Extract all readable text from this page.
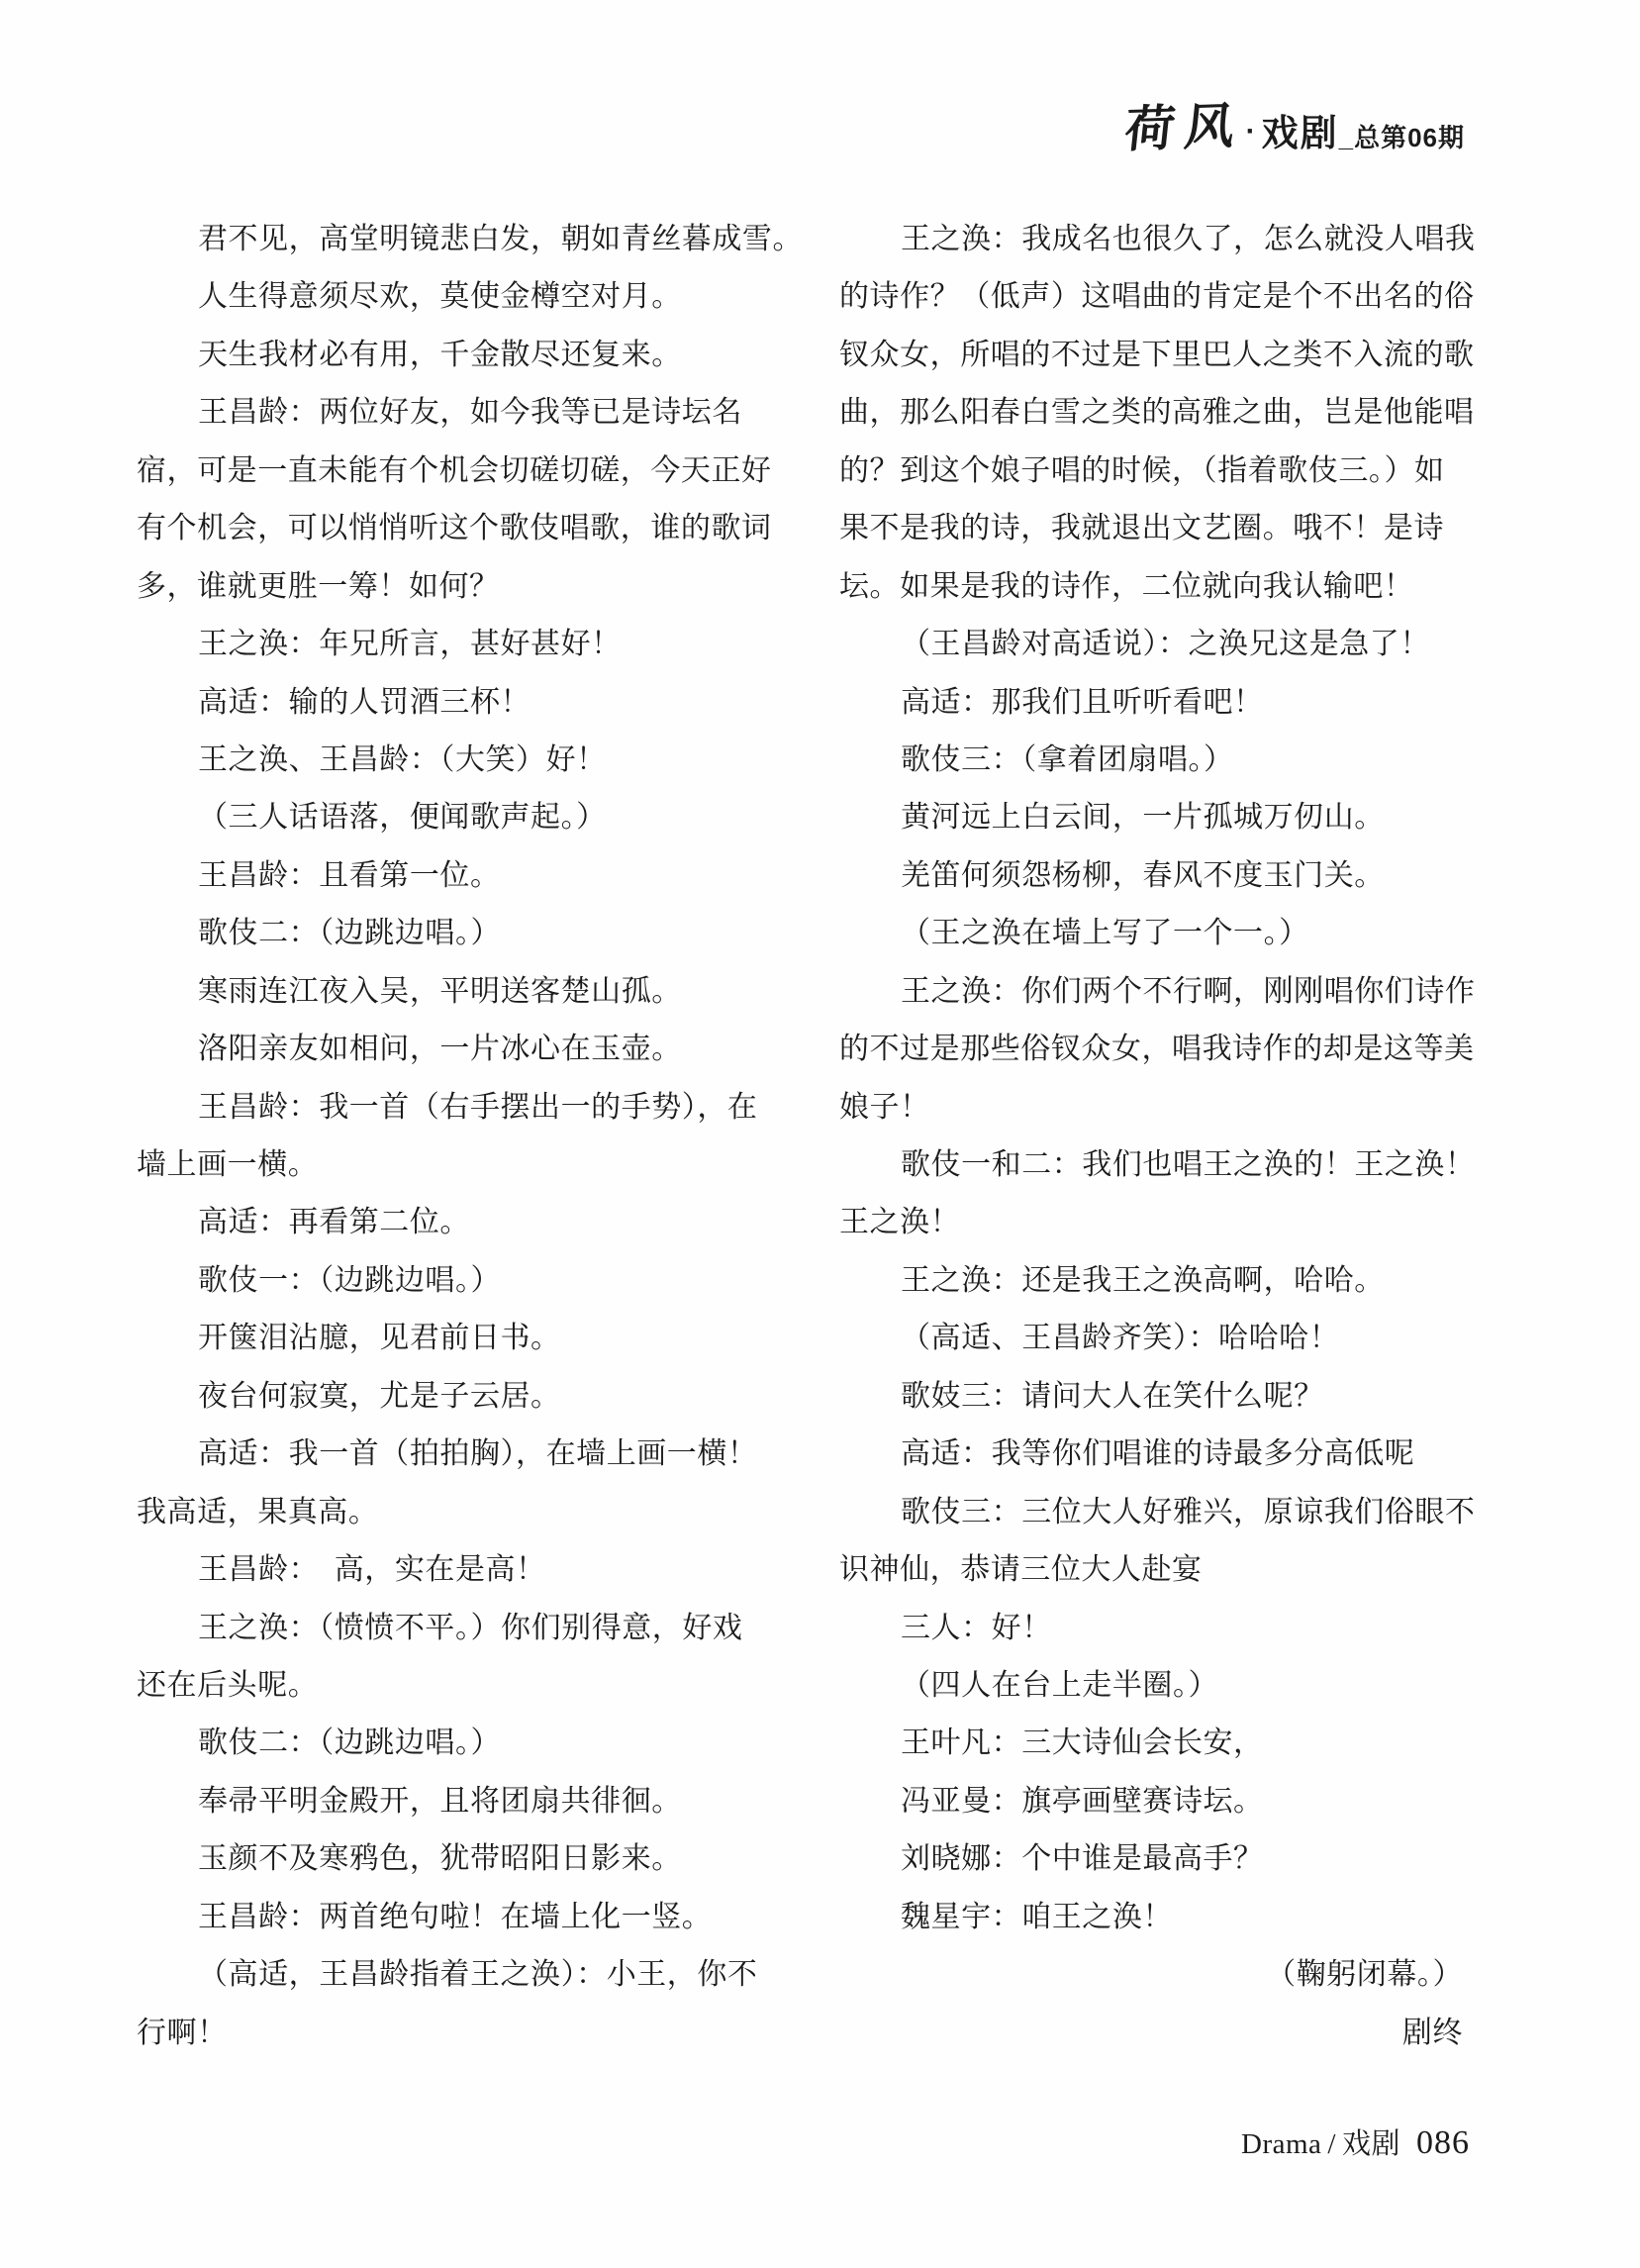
荷风
· 戏剧 _总第06期
君不见，高堂明镜悲白发，朝如青丝暮成雪。
人生得意须尽欢，莫使金樽空对月。
天生我材必有用，千金散尽还复来。
王昌龄：两位好友，如今我等已是诗坛名
宿，可是一直未能有个机会切磋切磋，今天正好
有个机会，可以悄悄听这个歌伎唱歌，谁的歌词
多，谁就更胜一筹！如何？
王之涣：年兄所言，甚好甚好！
高适：输的人罚酒三杯！
王之涣、王昌龄：（大笑）好！
（三人话语落，便闻歌声起。）
王昌龄：且看第一位。
歌伎二：（边跳边唱。）
寒雨连江夜入吴，平明送客楚山孤。
洛阳亲友如相问，一片冰心在玉壶。
王昌龄：我一首（右手摆出一的手势），在
墙上画一横。
高适：再看第二位。
歌伎一：（边跳边唱。）
开箧泪沾臆，见君前日书。
夜台何寂寞，尤是子云居。
高适：我一首（拍拍胸），在墙上画一横！
我高适，果真高。
王昌龄：　高，实在是高！
王之涣：（愤愤不平。）你们别得意，好戏
还在后头呢。
歌伎二：（边跳边唱。）
奉帚平明金殿开，且将团扇共徘徊。
玉颜不及寒鸦色，犹带昭阳日影来。
王昌龄：两首绝句啦！在墙上化一竖。
（高适，王昌龄指着王之涣）：小王，你不
行啊！
王之涣：我成名也很久了，怎么就没人唱我
的诗作？（低声）这唱曲的肯定是个不出名的俗
钗众女，所唱的不过是下里巴人之类不入流的歌
曲，那么阳春白雪之类的高雅之曲，岂是他能唱
的？到这个娘子唱的时候，（指着歌伎三。）如
果不是我的诗，我就退出文艺圈。哦不！是诗
坛。如果是我的诗作，二位就向我认输吧！
（王昌龄对高适说）：之涣兄这是急了！
高适：那我们且听听看吧！
歌伎三：（拿着团扇唱。）
黄河远上白云间，一片孤城万仞山。
羌笛何须怨杨柳，春风不度玉门关。
（王之涣在墙上写了一个一。）
王之涣：你们两个不行啊，刚刚唱你们诗作
的不过是那些俗钗众女，唱我诗作的却是这等美
娘子！
歌伎一和二：我们也唱王之涣的！王之涣！
王之涣！
王之涣：还是我王之涣高啊，哈哈。
（高适、王昌龄齐笑）：哈哈哈！
歌妓三：请问大人在笑什么呢？
高适：我等你们唱谁的诗最多分高低呢
歌伎三：三位大人好雅兴，原谅我们俗眼不
识神仙，恭请三位大人赴宴
三人：好！
（四人在台上走半圈。）
王叶凡：三大诗仙会长安，
冯亚曼：旗亭画壁赛诗坛。
刘晓娜：个中谁是最高手？
魏星宇：咱王之涣！
（鞠躬闭幕。）
剧终
Drama / 戏剧 086
